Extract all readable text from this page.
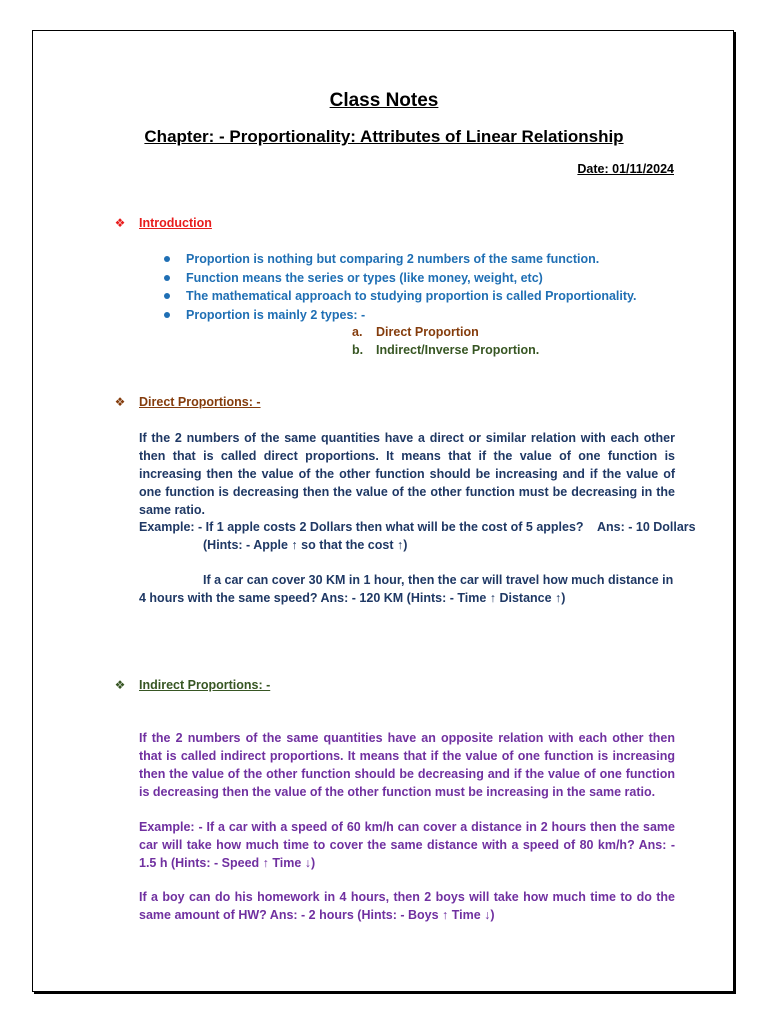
Class Notes
Chapter: - Proportionality: Attributes of Linear Relationship
Date: 01/11/2024
❖ Introduction
Proportion is nothing but comparing 2 numbers of the same function.
Function means the series or types (like money, weight, etc)
The mathematical approach to studying proportion is called Proportionality.
Proportion is mainly 2 types: -
a. Direct Proportion
b. Indirect/Inverse Proportion.
❖ Direct Proportions: -
If the 2 numbers of the same quantities have a direct or similar relation with each other then that is called direct proportions. It means that if the value of one function is increasing then the value of the other function should be increasing and if the value of one function is decreasing then the value of the other function must be decreasing in the same ratio.
Example: - If 1 apple costs 2 Dollars then what will be the cost of 5 apples?    Ans: - 10 Dollars
(Hints: - Apple ↑ so that the cost ↑)
If a car can cover 30 KM in 1 hour, then the car will travel how much distance in
4 hours with the same speed? Ans: - 120 KM (Hints: - Time ↑ Distance ↑)
❖ Indirect Proportions: -
If the 2 numbers of the same quantities have an opposite relation with each other then that is called indirect proportions. It means that if the value of one function is increasing then the value of the other function should be decreasing and if the value of one function is decreasing then the value of the other function must be increasing in the same ratio.
Example: - If a car with a speed of 60 km/h can cover a distance in 2 hours then the same car will take how much time to cover the same distance with a speed of 80 km/h? Ans: - 1.5 h (Hints: - Speed ↑ Time ↓)
If a boy can do his homework in 4 hours, then 2 boys will take how much time to do the same amount of HW? Ans: - 2 hours (Hints: - Boys ↑ Time ↓)
